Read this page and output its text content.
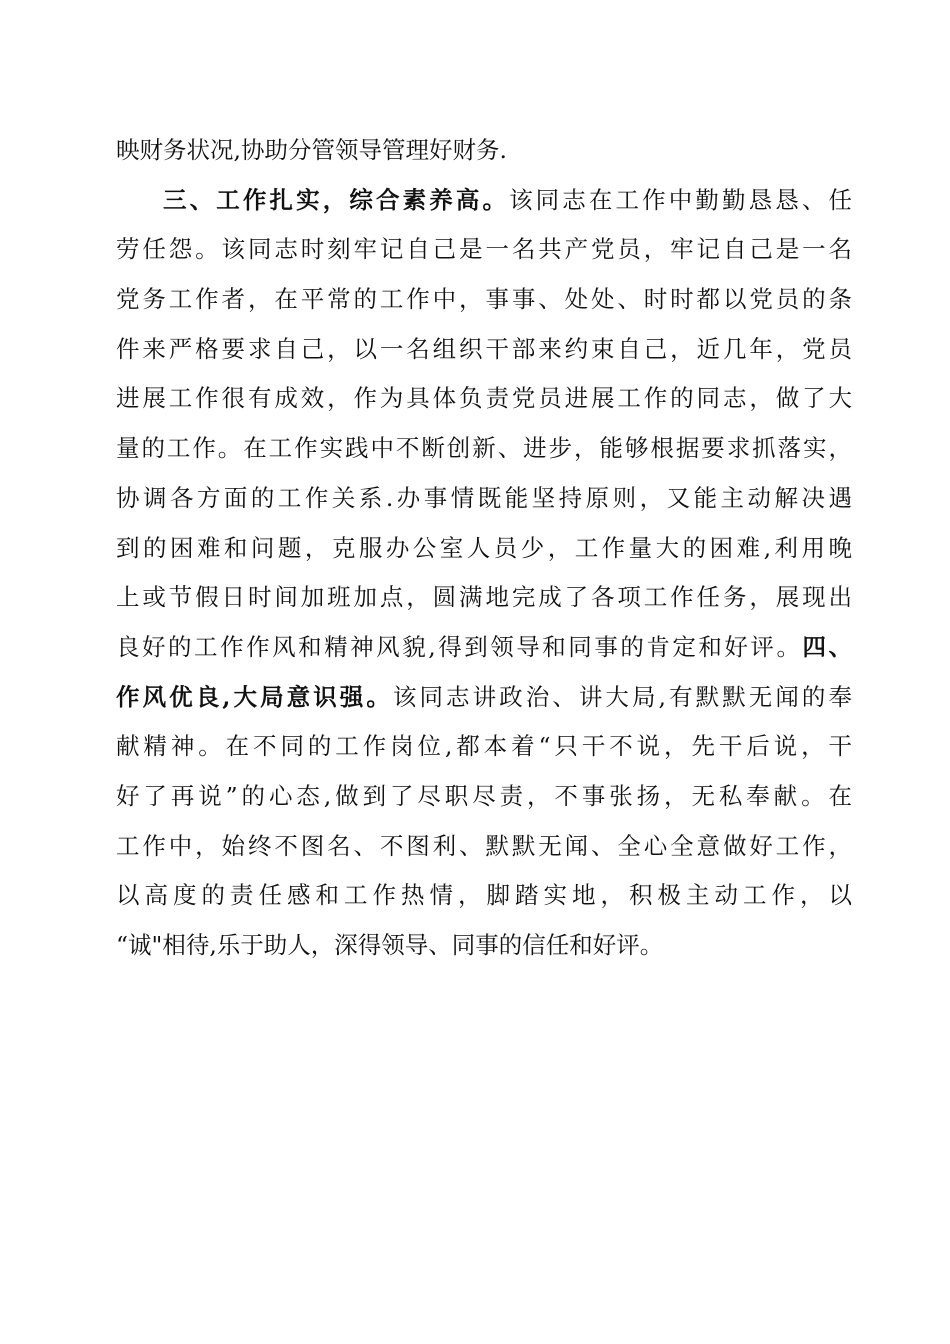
映财务状况,协助分管领导管理好财务.
三、工作扎实，综合素养高。该同志在工作中勤勤恳恳、任
劳任怨。该同志时刻牢记自己是一名共产党员，牢记自己是一名
党务工作者，在平常的工作中，事事、处处、时时都以党员的条
件来严格要求自己，以一名组织干部来约束自己，近几年，党员
进展工作很有成效，作为具体负责党员进展工作的同志，做了大
量的工作。在工作实践中不断创新、进步，能够根据要求抓落实，
协调各方面的工作关系.办事情既能坚持原则，又能主动解决遇
到的困难和问题，克服办公室人员少，工作量大的困难,利用晚
上或节假日时间加班加点，圆满地完成了各项工作任务，展现出
良好的工作作风和精神风貌,得到领导和同事的肯定和好评。四、
作风优良,大局意识强。该同志讲政治、讲大局,有默默无闻的奉
献精神。在不同的工作岗位,都本着“只干不说，先干后说，干
好了再说”的心态,做到了尽职尽责，不事张扬，无私奉献。在
工作中，始终不图名、不图利、默默无闻、全心全意做好工作，
以高度的责任感和工作热情，脚踏实地，积极主动工作，以
“诚"相待,乐于助人，深得领导、同事的信任和好评。
